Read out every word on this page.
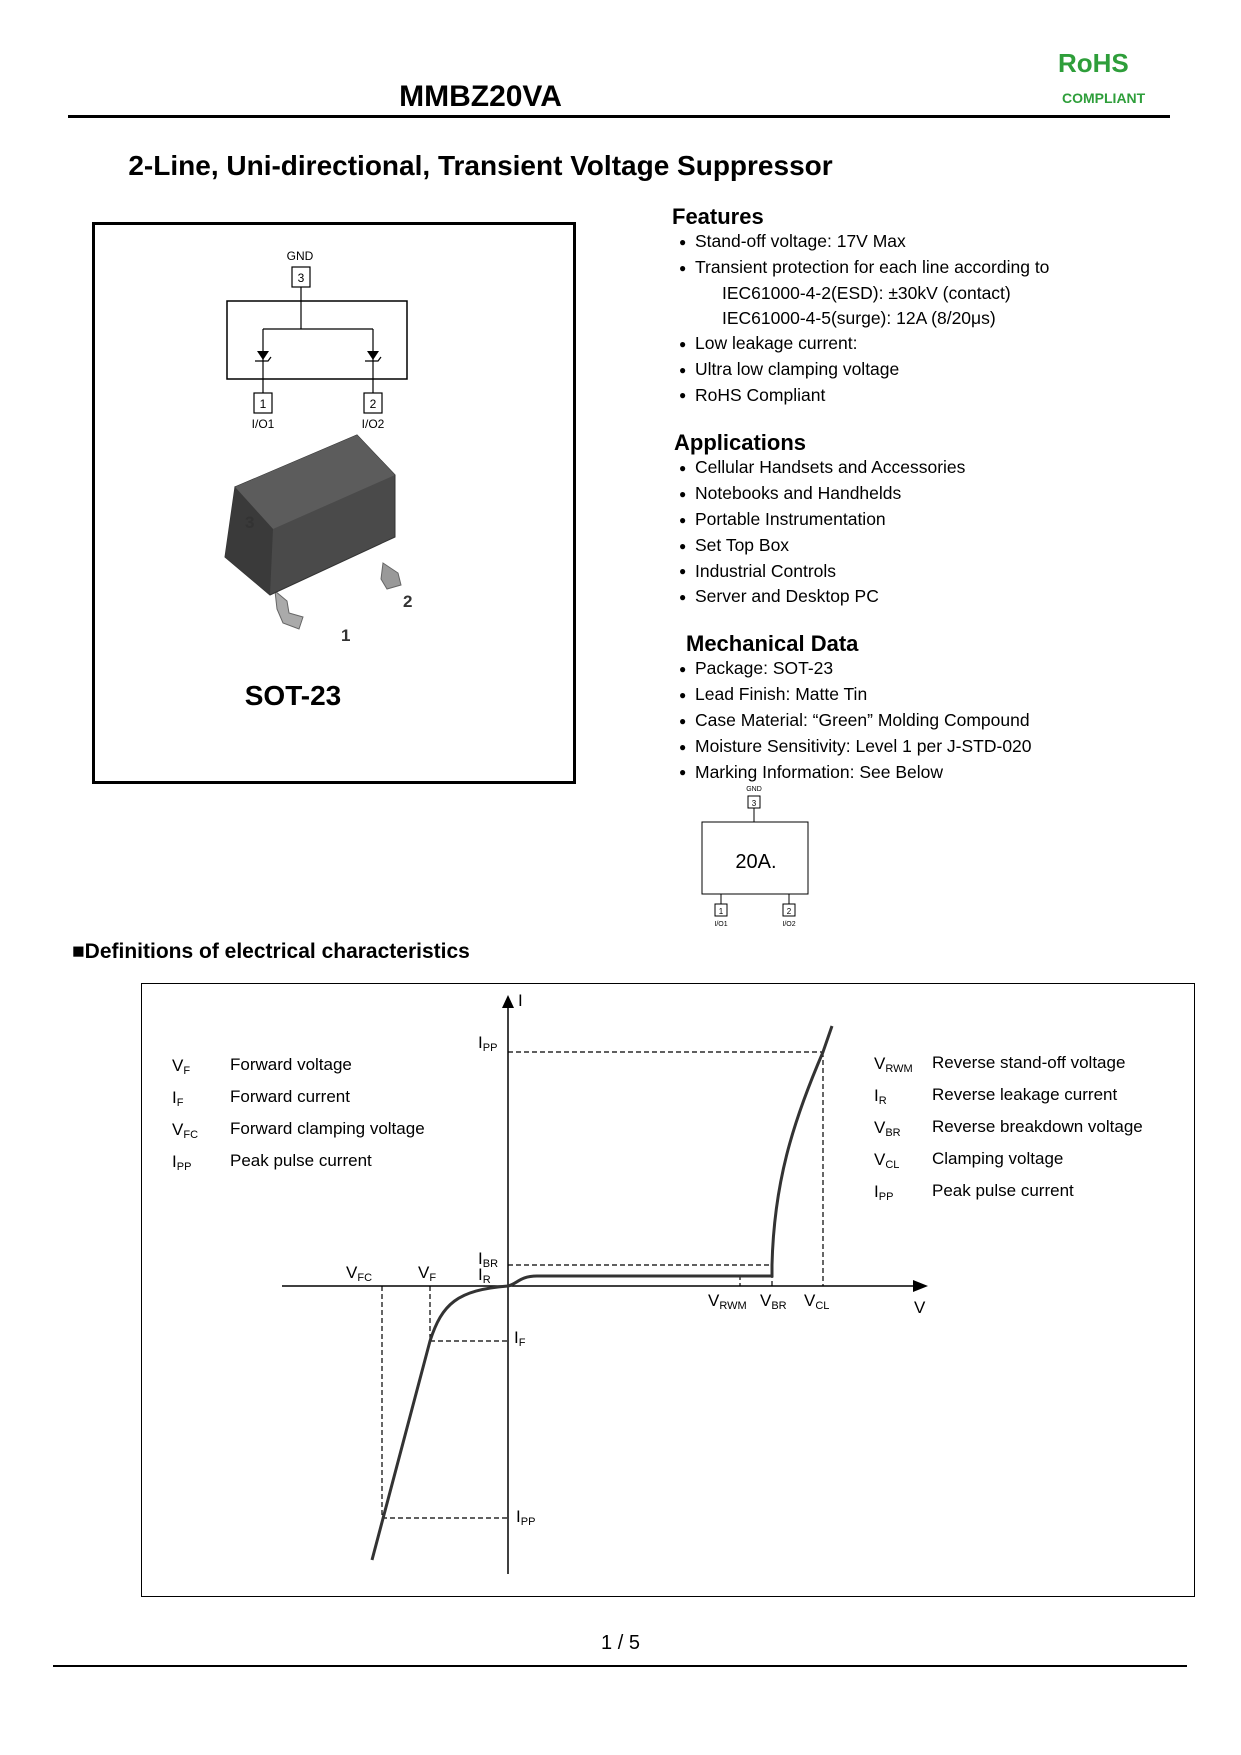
MMBZ20VA
RoHS
COMPLIANT
2-Line, Uni-directional, Transient Voltage Suppressor
GND
3
1	2
I/O1	I/O2
3
2
1
SOT-23
Features
● Stand-off voltage: 17V Max
● Transient protection for each line according to
IEC61000-4-2(ESD): ±30kV (contact)
IEC61000-4-5(surge): 12A (8/20μs)
● Low leakage current:
● Ultra low clamping voltage
● RoHS Compliant
Applications
● Cellular Handsets and Accessories
● Notebooks and Handhelds
● Portable Instrumentation
● Set Top Box
● Industrial Controls
● Server and Desktop PC
Mechanical Data
● Package: SOT-23
● Lead Finish: Matte Tin
● Case Material: “Green” Molding Compound
● Moisture Sensitivity: Level 1 per J-STD-020
● Marking Information: See Below
GND
3
20A.
1	2
I/O1	I/O2
■Definitions of electrical characteristics
I
V
IPP
IBR
IR
VFC	VF
IF
IPP
VRWM VBR VCL
VF Forward voltage
IF	Forward current
VFC Forward clamping voltage
IPP Peak pulse current
VRWM Reverse stand-off voltage
IR	Reverse leakage current
VBR Reverse breakdown voltage
VCL Clamping voltage
IPP Peak pulse current
1 / 5
